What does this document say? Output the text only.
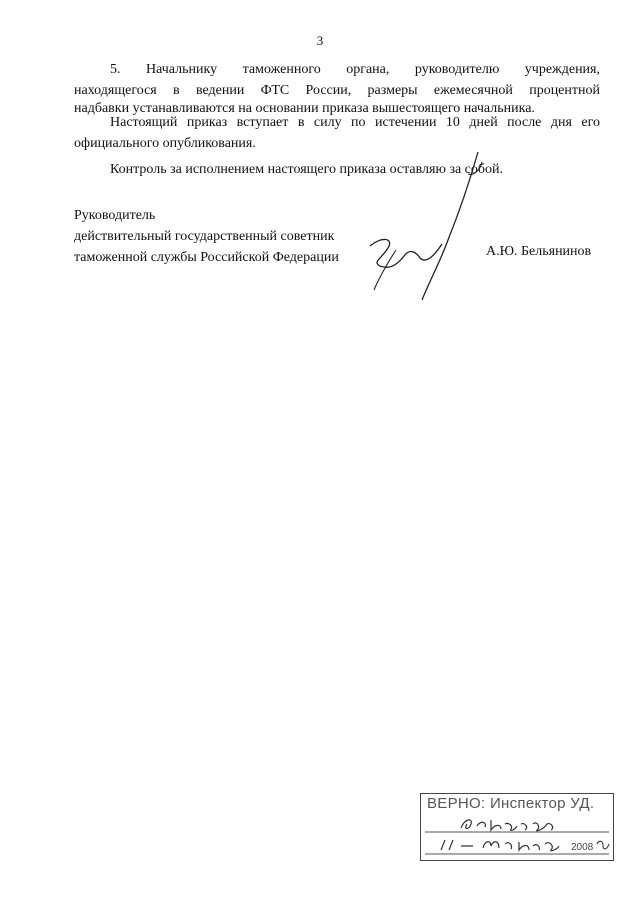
3
5. Начальнику таможенного органа, руководителю учреждения,
находящегося в ведении ФТС России, размеры ежемесячной процентной
надбавки устанавливаются на основании приказа вышестоящего начальника.
Настоящий приказ вступает в силу по истечении 10 дней после дня его
официального опубликования.
Контроль за исполнением настоящего приказа оставляю за собой.
Руководитель
действительный государственный советник
таможенной службы Российской Федерации	А.Ю. Бельянинов
ВЕРНО: Инспектор УД.
2008
